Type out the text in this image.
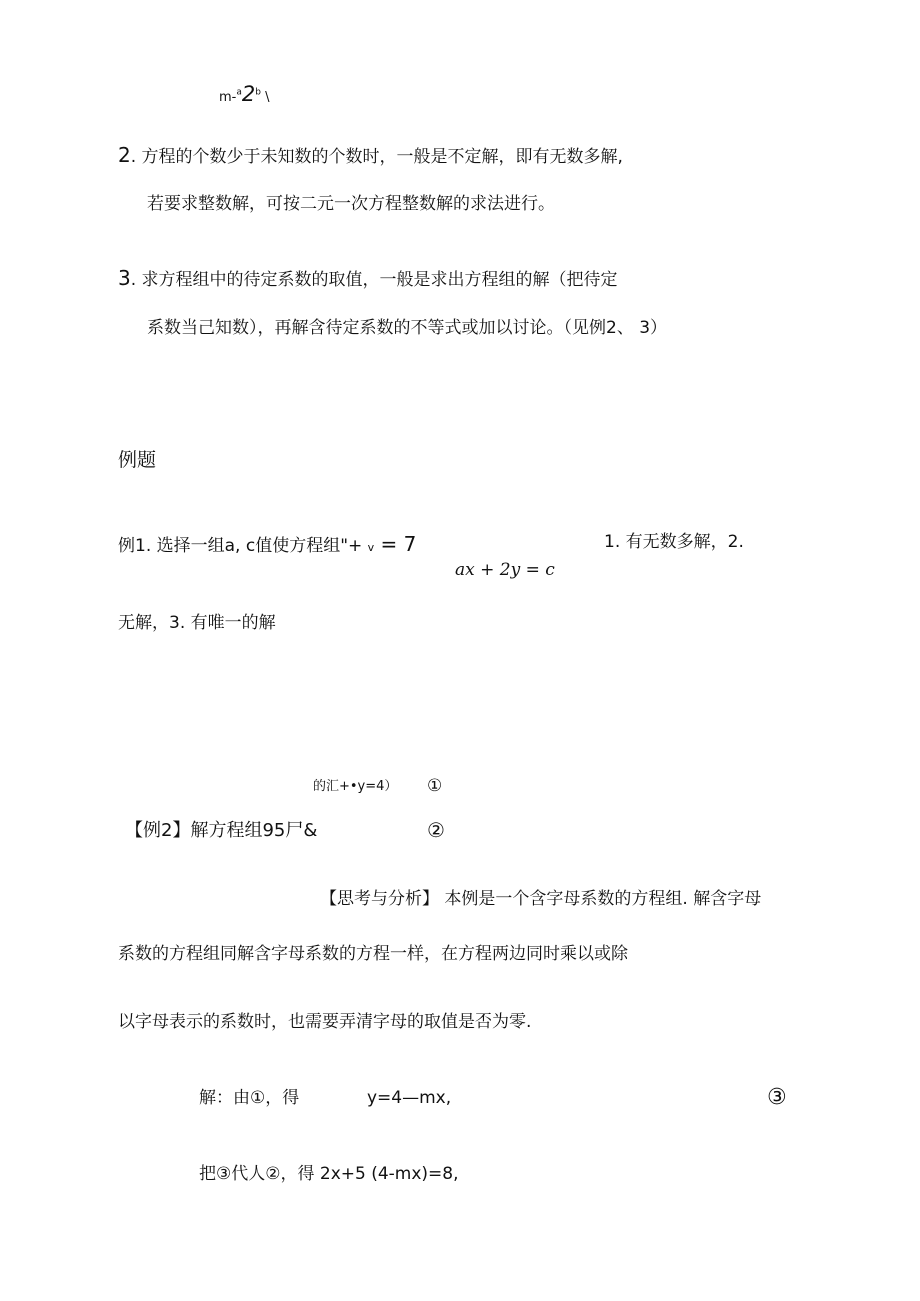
m-$^a$2$^b$ \
2. 方程的个数少于未知数的个数时，一般是不定解，即有无数多解,
若要求整数解，可按二元一次方程整数解的求法进行。
3. 求方程组中的待定系数的取值，一般是求出方程组的解（把待定
系数当己知数），再解含待定系数的不等式或加以讨论。（见例2、 3）
例题
例1. 选择一组a, c值使方程组"+ v = 7
ax + 2y = c
1. 有无数多解，2.
无解，3. 有唯一的解
的汇+•y=4） ①
【例2】解方程组95尸&	②
【思考与分析】 本例是一个含字母系数的方程组. 解含字母
系数的方程组同解含字母系数的方程一样，在方程两边同时乘以或除
以字母表示的系数时，也需要弄清字母的取值是否为零.
解：由①，得	y=4—mx,	③
把③代人②，得 2x+5 (4-mx)=8,
